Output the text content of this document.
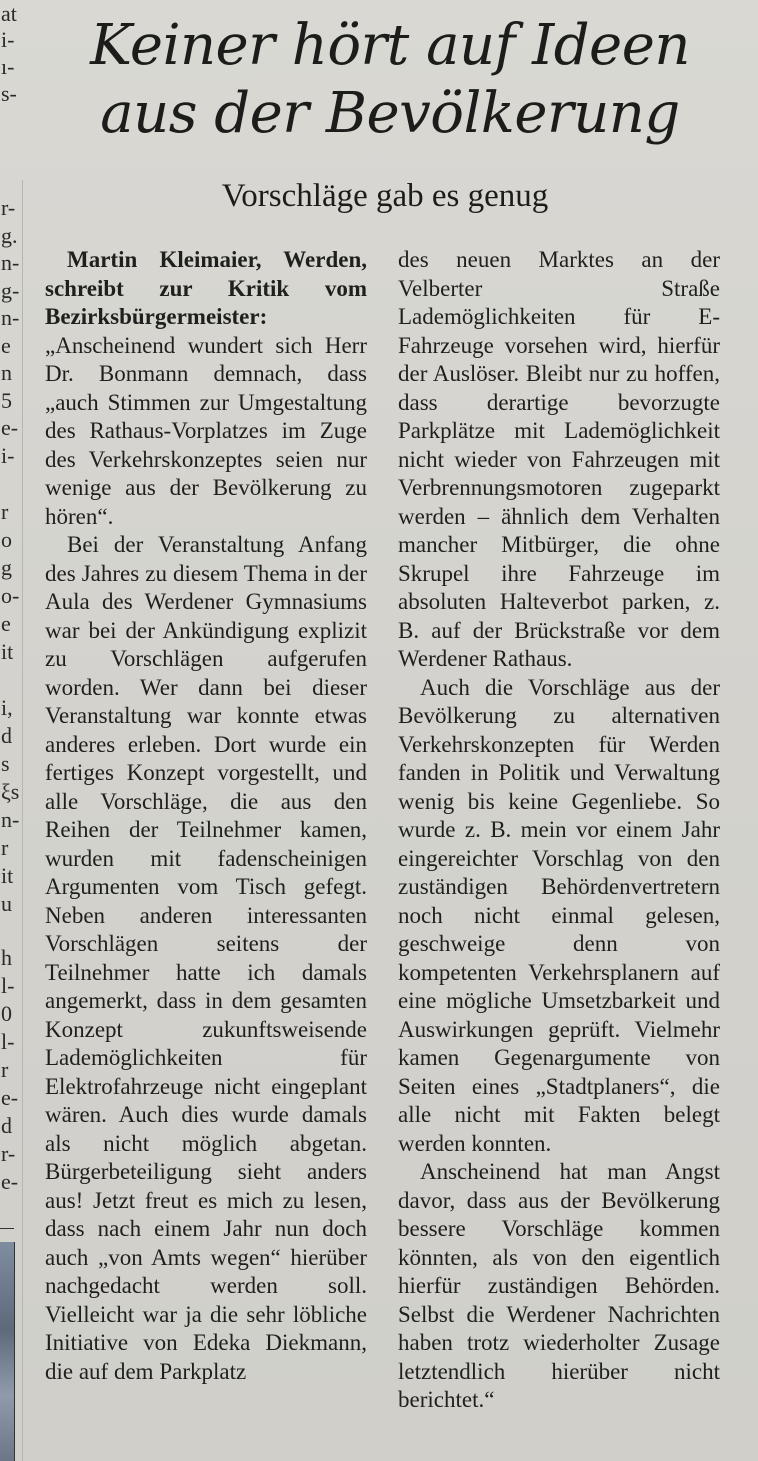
at
i-
ı-
s-
r-
g.
n-
g-
n-
e
n
5
e-
i-
r
o
g
o-
e
it
i,
d
s
ξs
n-
r
it
u
h
l-
0
l-
r
e-
d
r-
e-
Keiner hört auf Ideen aus der Bevölkerung
Vorschläge gab es genug
Martin Kleimaier, Werden, schreibt zur Kritik vom Bezirksbürgermeister:

„Anscheinend wundert sich Herr Dr. Bonmann demnach, dass „auch Stimmen zur Umgestaltung des Rathaus-Vorplatzes im Zuge des Verkehrskonzeptes seien nur wenige aus der Bevölkerung zu hören“.

Bei der Veranstaltung Anfang des Jahres zu diesem Thema in der Aula des Werdener Gymnasiums war bei der Ankündigung explizit zu Vorschlägen aufgerufen worden. Wer dann bei dieser Veranstaltung war konnte etwas anderes erleben. Dort wurde ein fertiges Konzept vorgestellt, und alle Vorschläge, die aus den Reihen der Teilnehmer kamen, wurden mit fadenscheinigen Argumenten vom Tisch gefegt. Neben anderen interessanten Vorschlägen seitens der Teilnehmer hatte ich damals angemerkt, dass in dem gesamten Konzept zukunftsweisende Lademöglichkeiten für Elektrofahrzeuge nicht eingeplant wären. Auch dies wurde damals als nicht möglich abgetan. Bürgerbeteiligung sieht anders aus! Jetzt freut es mich zu lesen, dass nach einem Jahr nun doch auch „von Amts wegen“ hierüber nachgedacht werden soll. Vielleicht war ja die sehr löbliche Initiative von Edeka Diekmann, die auf dem Parkplatz

des neuen Marktes an der Velberter Straße Lademöglichkeiten für E-Fahrzeuge vorsehen wird, hierfür der Auslöser. Bleibt nur zu hoffen, dass derartige bevorzugte Parkplätze mit Lademöglichkeit nicht wieder von Fahrzeugen mit Verbrennungsmotoren zugeparkt werden – ähnlich dem Verhalten mancher Mitbürger, die ohne Skrupel ihre Fahrzeuge im absoluten Halteverbot parken, z. B. auf der Brückstraße vor dem Werdener Rathaus.

Auch die Vorschläge aus der Bevölkerung zu alternativen Verkehrskonzepten für Werden fanden in Politik und Verwaltung wenig bis keine Gegenliebe. So wurde z. B. mein vor einem Jahr eingereichter Vorschlag von den zuständigen Behördenvertretern noch nicht einmal gelesen, geschweige denn von kompetenten Verkehrsplanern auf eine mögliche Umsetzbarkeit und Auswirkungen geprüft. Vielmehr kamen Gegenargumente von Seiten eines „Stadtplaners“, die alle nicht mit Fakten belegt werden konnten.

Anscheinend hat man Angst davor, dass aus der Bevölkerung bessere Vorschläge kommen könnten, als von den eigentlich hierfür zuständigen Behörden. Selbst die Werdener Nachrichten haben trotz wiederholter Zusage letztendlich hierüber nicht berichtet.“
